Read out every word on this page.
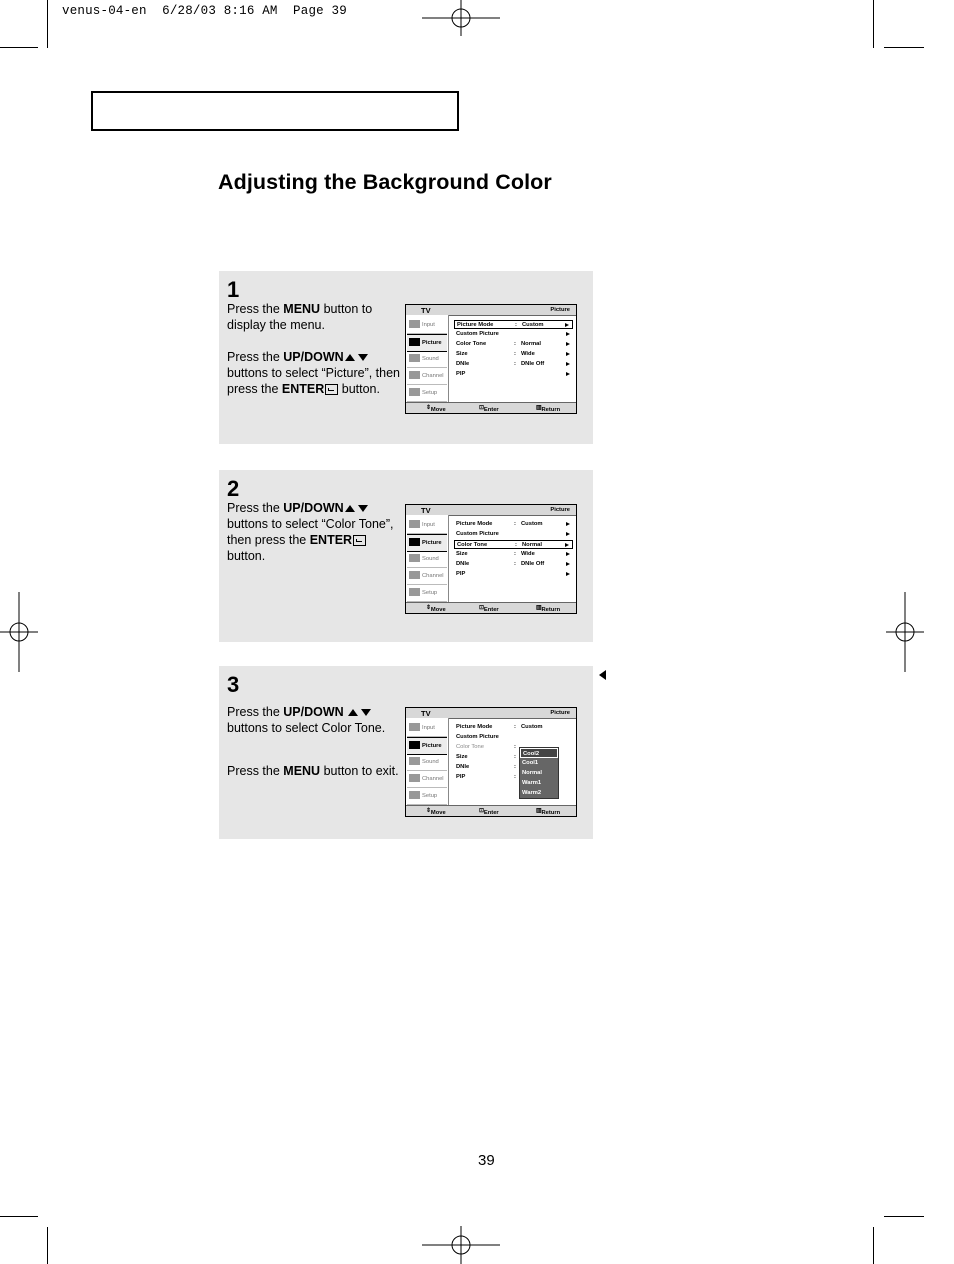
venus-04-en  6/28/03 8:16 AM  Page 39
Adjusting the Background Color
1

Press the MENU button to display the menu.

Press the UP/DOWN buttons to select “Picture”, then press the ENTER button.

TV	Picture
Input
Picture
Sound
Channel
Setup
Picture Mode	: Custom
Custom Picture
Color Tone	: Normal
Size	: Wide
DNIe	: DNIe Off
PIP
⇕ Move	⊡ Enter	▥ Return
2

Press the UP/DOWN buttons to select “Color Tone”, then press the ENTER button.

TV	Picture
Input
Picture
Sound
Channel
Setup
Picture Mode	: Custom
Custom Picture
Color Tone	: Normal
Size	: Wide
DNIe	: DNIe Off
PIP
⇕ Move	⊡ Enter	▥ Return
3

Press the UP/DOWN  buttons to select Color Tone.

Press the MENU button to exit.

TV	Picture
Input
Picture
Sound
Channel
Setup
Picture Mode	: Custom
Custom Picture
Color Tone	:
Size	:
DNIe	:
PIP	:
Cool2
Cool1
Normal
Warm1
Warm2
⇕ Move	⊡ Enter	▥ Return
39
